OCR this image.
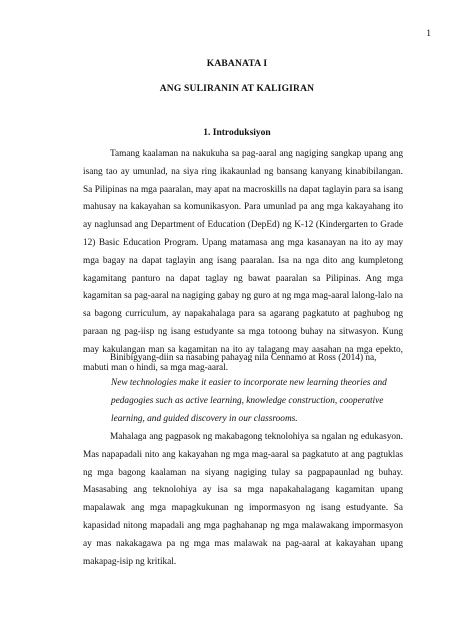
1
KABANATA I
ANG SULIRANIN AT KALIGIRAN
1. Introduksiyon

Tamang kaalaman na nakukuha sa pag-aaral ang nagiging sangkap upang ang isang tao ay umunlad, na siya ring ikakaunlad ng bansang kanyang kinabibilangan. Sa Pilipinas na mga paaralan, may apat na macroskills na dapat taglayin para sa isang mahusay na kakayahan sa komunikasyon. Para umunlad pa ang mga kakayahang ito ay naglunsad ang Department of Education (DepEd) ng K-12 (Kindergarten to Grade 12) Basic Education Program. Upang matamasa ang mga kasanayan na ito ay may mga bagay na dapat taglayin ang isang paaralan. Isa na nga dito ang kumpletong kagamitang panturo na dapat taglay ng bawat paaralan sa Pilipinas. Ang mga kagamitan sa pag-aaral na nagiging gabay ng guro at ng mga mag-aaral lalong-lalo na sa bagong curriculum, ay napakahalaga para sa agarang pagkatuto at paghubog ng paraan ng pag-iisp ng isang estudyante sa mga totoong buhay na sitwasyon. Kung may kakulangan man sa kagamitan na ito ay talagang may aasahan na mga epekto, mabuti man o hindi, sa mga mag-aaral.

Binibigyang-diin sa nasabing pahayag nila Cennamo at Ross (2014) na,

New technologies make it easier to incorporate new learning theories and pedagogies such as active learning, knowledge construction, cooperative learning, and guided discovery in our classrooms.

Mahalaga ang pagpasok ng makabagong teknolohiya sa ngalan ng edukasyon. Mas napapadali nito ang kakayahan ng mga mag-aaral sa pagkatuto at ang pagtuklas ng mga bagong kaalaman na siyang nagiging tulay sa pagpapaunlad ng buhay. Masasabing ang teknolohiya ay isa sa mga napakahalagang kagamitan upang mapalawak ang mga mapagkukunan ng impormasyon ng isang estudyante. Sa kapasidad nitong mapadali ang mga paghahanap ng mga malawakang impormasyon ay mas nakakagawa pa ng mga mas malawak na pag-aaral at kakayahan upang makapag-isip ng kritikal.
